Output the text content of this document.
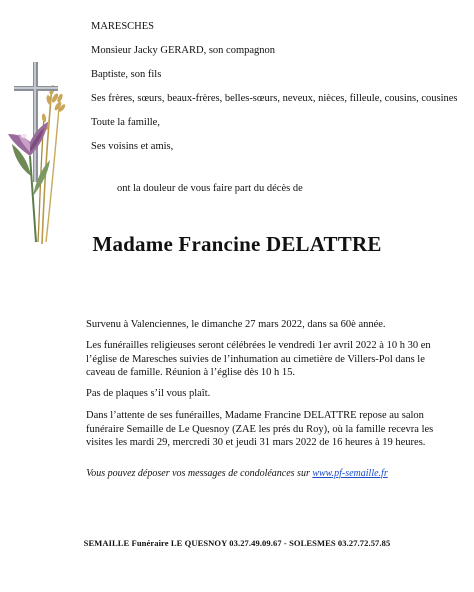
MARESCHES
Monsieur Jacky GERARD, son compagnon
Baptiste, son fils
Ses frères, sœurs, beaux-frères, belles-sœurs, neveux, nièces, filleule, cousins, cousines
Toute la famille,
Ses voisins et amis,
ont la douleur de vous faire part du décès de
Madame Francine DELATTRE

Survenu à Valenciennes, le dimanche 27 mars 2022, dans sa 60è année.

Les funérailles religieuses seront célébrées le vendredi 1er avril 2022 à 10 h 30 en l’église de Maresches suivies de l’inhumation au cimetière de Villers-Pol dans le caveau de famille. Réunion à l’église dès 10 h 15.

Pas de plaques s’il vous plaît.

Dans l’attente de ses funérailles, Madame Francine DELATTRE repose au salon funéraire Semaille de Le Quesnoy (ZAE les prés du Roy), où la famille recevra les visites les mardi 29, mercredi 30 et jeudi 31 mars 2022 de 16 heures à 19 heures.

Vous pouvez déposer vos messages de condoléances sur www.pf-semaille.fr
SEMAILLE Funéraire LE QUESNOY 03.27.49.09.67 - SOLESMES 03.27.72.57.85
